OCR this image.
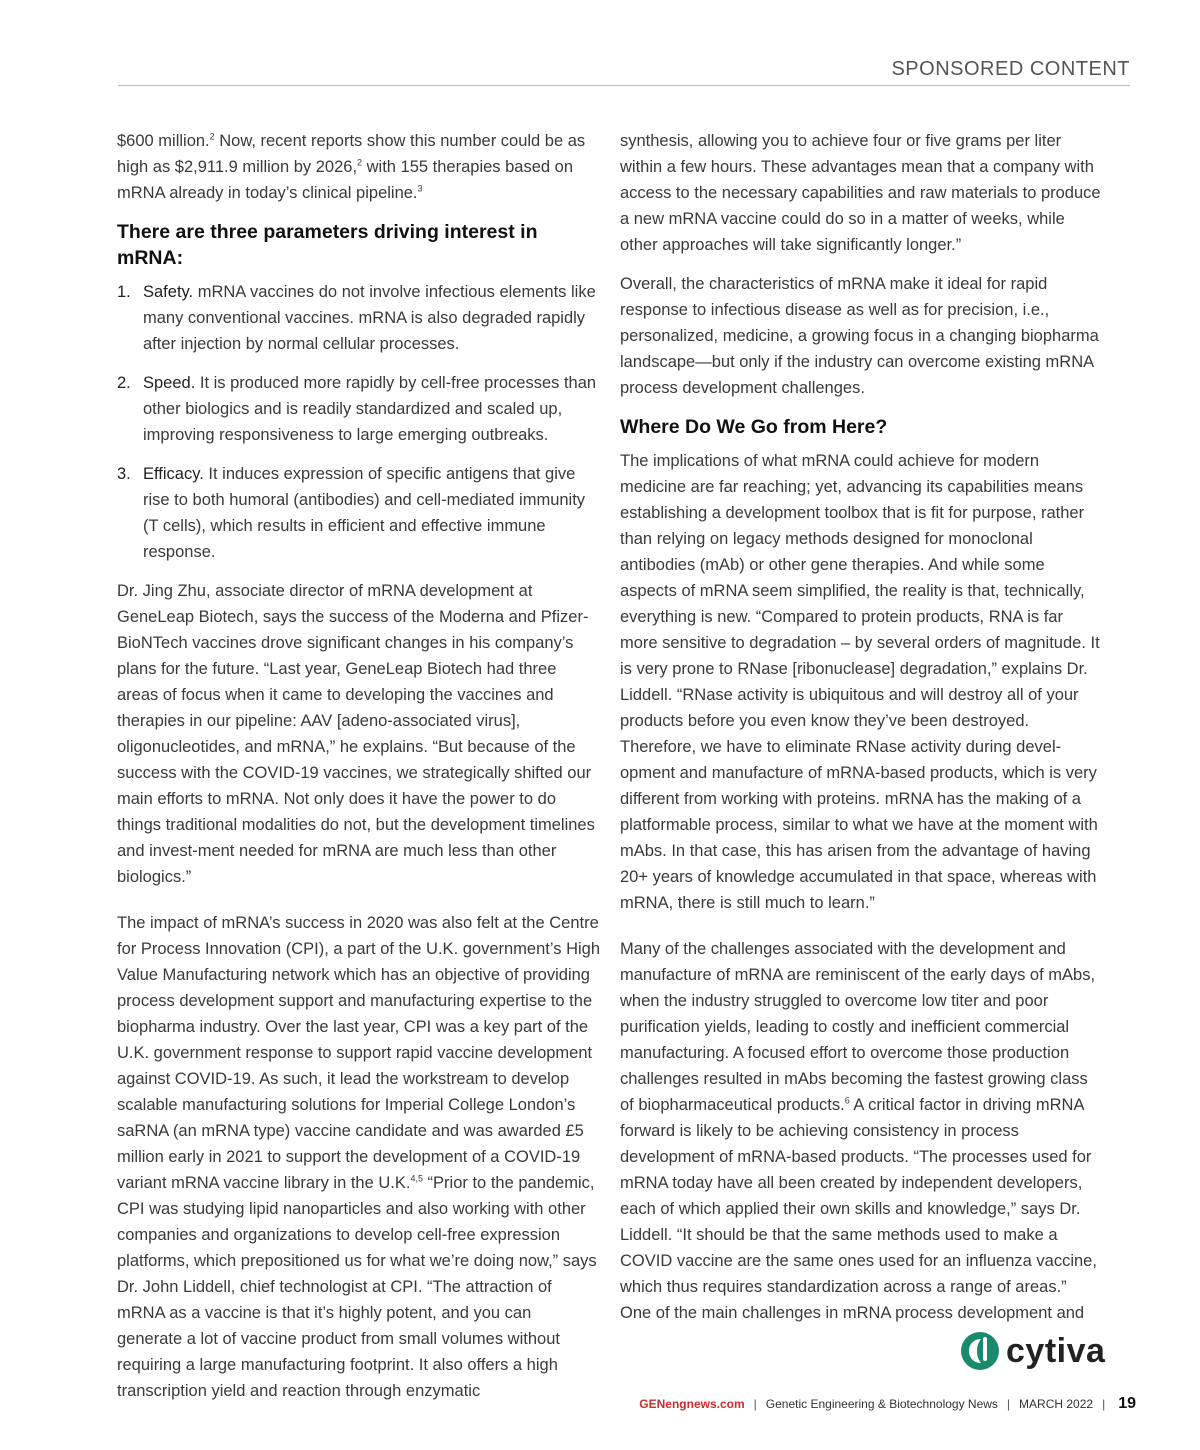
SPONSORED CONTENT

$600 million.$^2$ Now, recent reports show this number could be as high as $2,911.9 million by 2026,$^2$ with 155 therapies based on mRNA already in today’s clinical pipeline.$^3$

There are three parameters driving interest in mRNA:
1. Safety. mRNA vaccines do not involve infectious elements like many conventional vaccines. mRNA is also degraded rapidly after injection by normal cellular processes.
2. Speed. It is produced more rapidly by cell-free processes than other biologics and is readily standardized and scaled up, improving responsiveness to large emerging outbreaks.
3. Efficacy. It induces expression of specific antigens that give rise to both humoral (antibodies) and cell-mediated immunity (T cells), which results in efficient and effective immune response.

Dr. Jing Zhu, associate director of mRNA development at GeneLeap Biotech, says the success of the Moderna and Pfizer-BioNTech vaccines drove significant changes in his company’s plans for the future. “Last year, GeneLeap Biotech had three areas of focus when it came to developing the vaccines and therapies in our pipeline: AAV [adeno-associated virus], oligonucleotides, and mRNA,” he explains. “But because of the success with the COVID-19 vaccines, we strategically shifted our main efforts to mRNA. Not only does it have the power to do things traditional modalities do not, but the development timelines and invest-ment needed for mRNA are much less than other biologics.”

The impact of mRNA’s success in 2020 was also felt at the Centre for Process Innovation (CPI), a part of the U.K. government’s High Value Manufacturing network which has an objective of providing process development support and manufacturing expertise to the biopharma industry. Over the last year, CPI was a key part of the U.K. government response to support rapid vaccine development against COVID-19. As such, it lead the workstream to develop scalable manufacturing solutions for Imperial College London’s saRNA (an mRNA type) vaccine candidate and was awarded £5 million early in 2021 to support the development of a COVID-19 variant mRNA vaccine library in the U.K.$^{4,5}$ “Prior to the pandemic, CPI was studying lipid nanoparticles and also working with other companies and organizations to develop cell-free expression platforms, which prepositioned us for what we’re doing now,” says Dr. John Liddell, chief technologist at CPI. “The attraction of mRNA as a vaccine is that it’s highly potent, and you can generate a lot of vaccine product from small volumes without requiring a large manufacturing footprint. It also offers a high transcription yield and reaction through enzymatic

synthesis, allowing you to achieve four or five grams per liter within a few hours. These advantages mean that a company with access to the necessary capabilities and raw materials to produce a new mRNA vaccine could do so in a matter of weeks, while other approaches will take significantly longer.”

Overall, the characteristics of mRNA make it ideal for rapid response to infectious disease as well as for precision, i.e., personalized, medicine, a growing focus in a changing biopharma landscape—but only if the industry can overcome existing mRNA process development challenges.

Where Do We Go from Here?

The implications of what mRNA could achieve for modern medicine are far reaching; yet, advancing its capabilities means establishing a development toolbox that is fit for purpose, rather than relying on legacy methods designed for monoclonal antibodies (mAb) or other gene therapies. And while some aspects of mRNA seem simplified, the reality is that, technically, everything is new. “Compared to protein products, RNA is far more sensitive to degradation – by several orders of magnitude. It is very prone to RNase [ribonuclease] degradation,” explains Dr. Liddell. “RNase activity is ubiquitous and will destroy all of your products before you even know they’ve been destroyed. Therefore, we have to eliminate RNase activity during devel-opment and manufacture of mRNA-based products, which is very different from working with proteins. mRNA has the making of a platformable process, similar to what we have at the moment with mAbs. In that case, this has arisen from the advantage of having 20+ years of knowledge accumulated in that space, whereas with mRNA, there is still much to learn.”

Many of the challenges associated with the development and manufacture of mRNA are reminiscent of the early days of mAbs, when the industry struggled to overcome low titer and poor purification yields, leading to costly and inefficient commercial manufacturing. A focused effort to overcome those production challenges resulted in mAbs becoming the fastest growing class of biopharmaceutical products.$^6$ A critical factor in driving mRNA forward is likely to be achieving consistency in process development of mRNA-based products. “The processes used for mRNA today have all been created by independent developers, each of which applied their own skills and knowledge,” says Dr. Liddell. “It should be that the same methods used to make a COVID vaccine are the same ones used for an influenza vaccine, which thus requires standardization across a range of areas.” One of the main challenges in mRNA process development and

cytiva
GENengnews.com | Genetic Engineering & Biotechnology News | MARCH 2022 | 19
